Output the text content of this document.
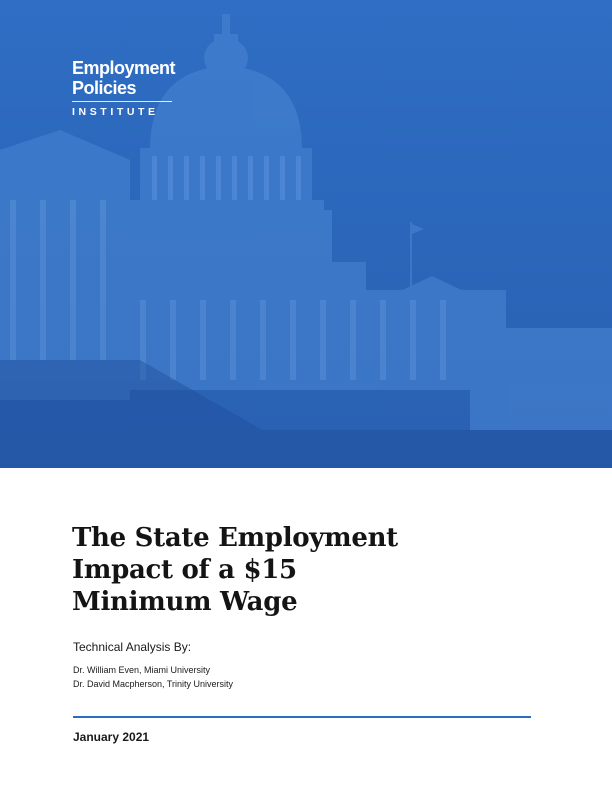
Employment
Policies
INSTITUTE
The State Employment
Impact of a $15
Minimum Wage
Technical Analysis By:
Dr. William Even, Miami University
Dr. David Macpherson, Trinity University
January 2021
